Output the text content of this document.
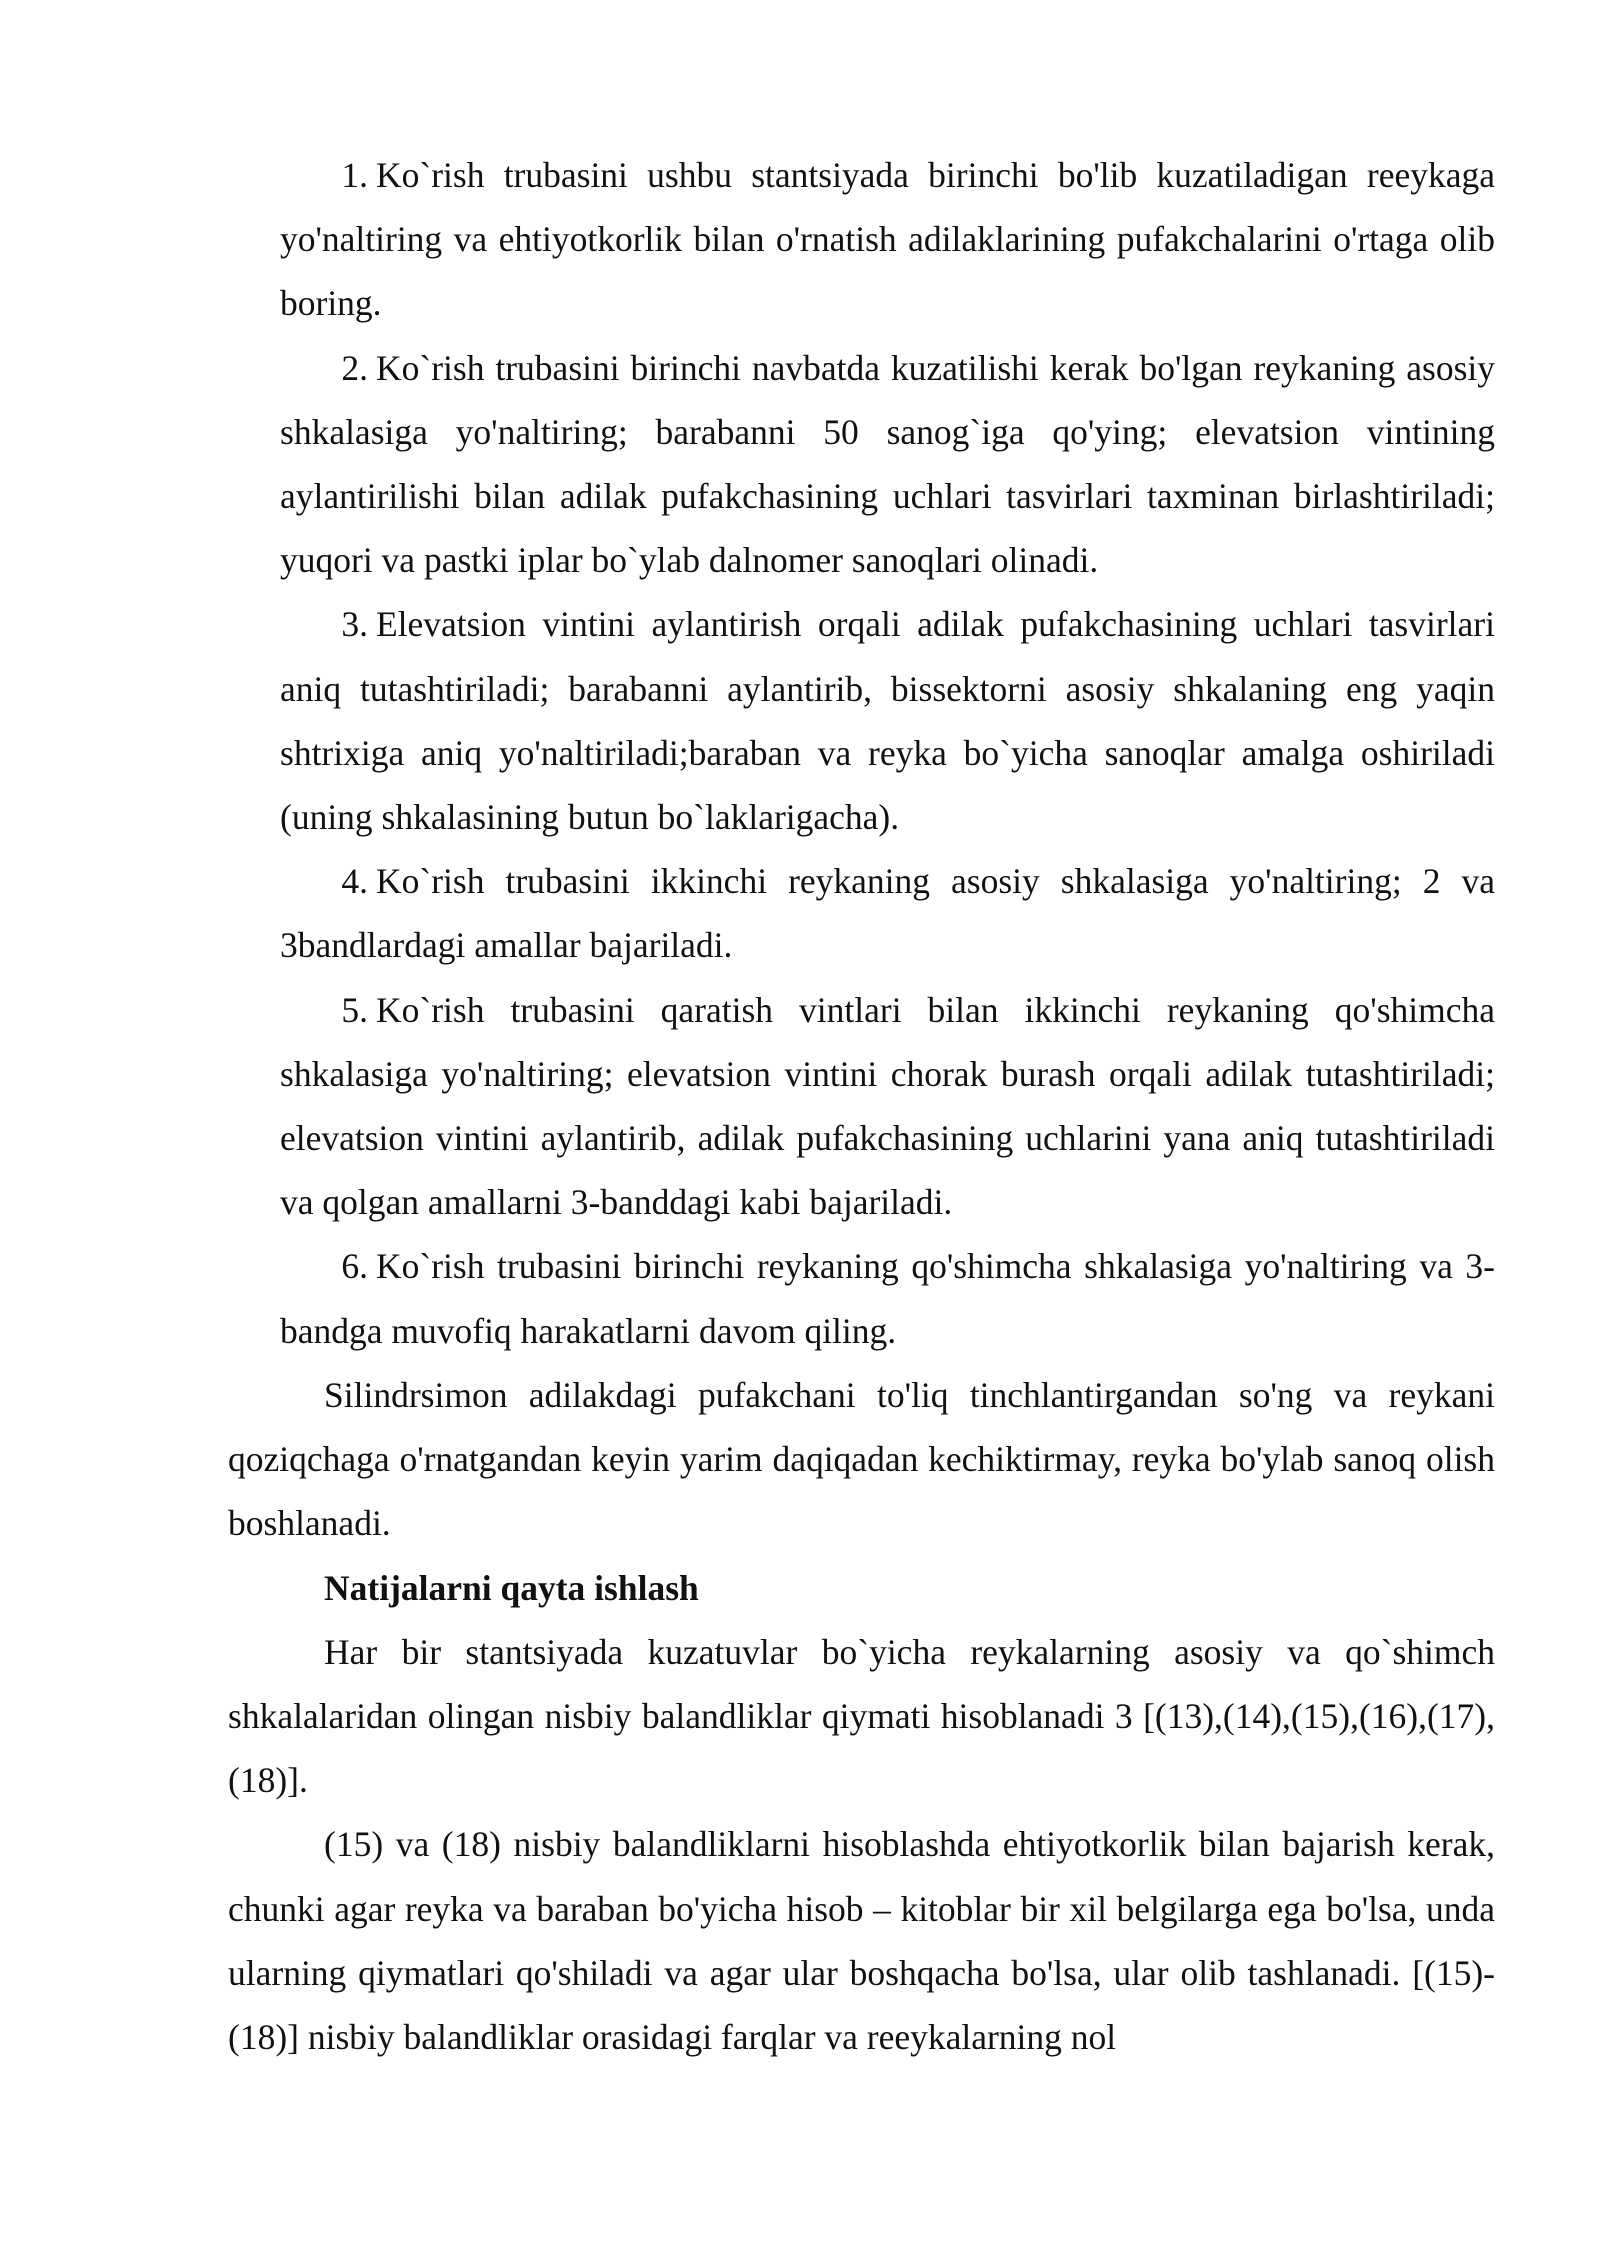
1. Ko`rish trubasini ushbu stantsiyada birinchi bo'lib kuzatiladigan reeykaga yo'naltiring va ehtiyotkorlik bilan o'rnatish adilaklarining pufakchalarini o'rtaga olib boring.
2. Ko`rish trubasini birinchi navbatda kuzatilishi kerak bo'lgan reykaning asosiy shkalasiga yo'naltiring; barabanni 50 sanog`iga qo'ying; elevatsion vintining aylantirilishi bilan adilak pufakchasining uchlari tasvirlari taxminan birlashtiriladi; yuqori va pastki iplar bo`ylab dalnomer sanoqlari olinadi.
3. Elevatsion vintini aylantirish orqali adilak pufakchasining uchlari tasvirlari aniq tutashtiriladi; barabanni aylantirib, bissektorni asosiy shkalaning eng yaqin shtrixiga aniq yo'naltiriladi;baraban va reyka bo`yicha sanoqlar amalga oshiriladi (uning shkalasining butun bo`laklarigacha).
4. Ko`rish trubasini ikkinchi reykaning asosiy shkalasiga yo'naltiring; 2 va 3bandlardagi amallar bajariladi.
5. Ko`rish trubasini qaratish vintlari bilan ikkinchi reykaning qo'shimcha shkalasiga yo'naltiring; elevatsion vintini chorak burash orqali adilak tutashtiriladi; elevatsion vintini aylantirib, adilak pufakchasining uchlarini yana aniq tutashtiriladi va qolgan amallarni 3-banddagi kabi bajariladi.
6. Ko`rish trubasini birinchi reykaning qo'shimcha shkalasiga yo'naltiring va 3-bandga muvofiq harakatlarni davom qiling.

Silindrsimon adilakdagi pufakchani to'liq tinchlantirgandan so'ng va reykani qoziqchaga o'rnatgandan keyin yarim daqiqadan kechiktirmay, reyka bo'ylab sanoq olish boshlanadi.

Natijalarni qayta ishlash

Har bir stantsiyada kuzatuvlar bo`yicha reykalarning asosiy va qo`shimch shkalalaridan olingan nisbiy balandliklar qiymati hisoblanadi 3 [(13),(14),(15),(16),(17),(18)].

(15) va (18) nisbiy balandliklarni hisoblashda ehtiyotkorlik bilan bajarish kerak, chunki agar reyka va baraban bo'yicha hisob – kitoblar bir xil belgilarga ega bo'lsa, unda ularning qiymatlari qo'shiladi va agar ular boshqacha bo'lsa, ular olib tashlanadi. [(15)-(18)] nisbiy balandliklar orasidagi farqlar va reeykalarning nol
